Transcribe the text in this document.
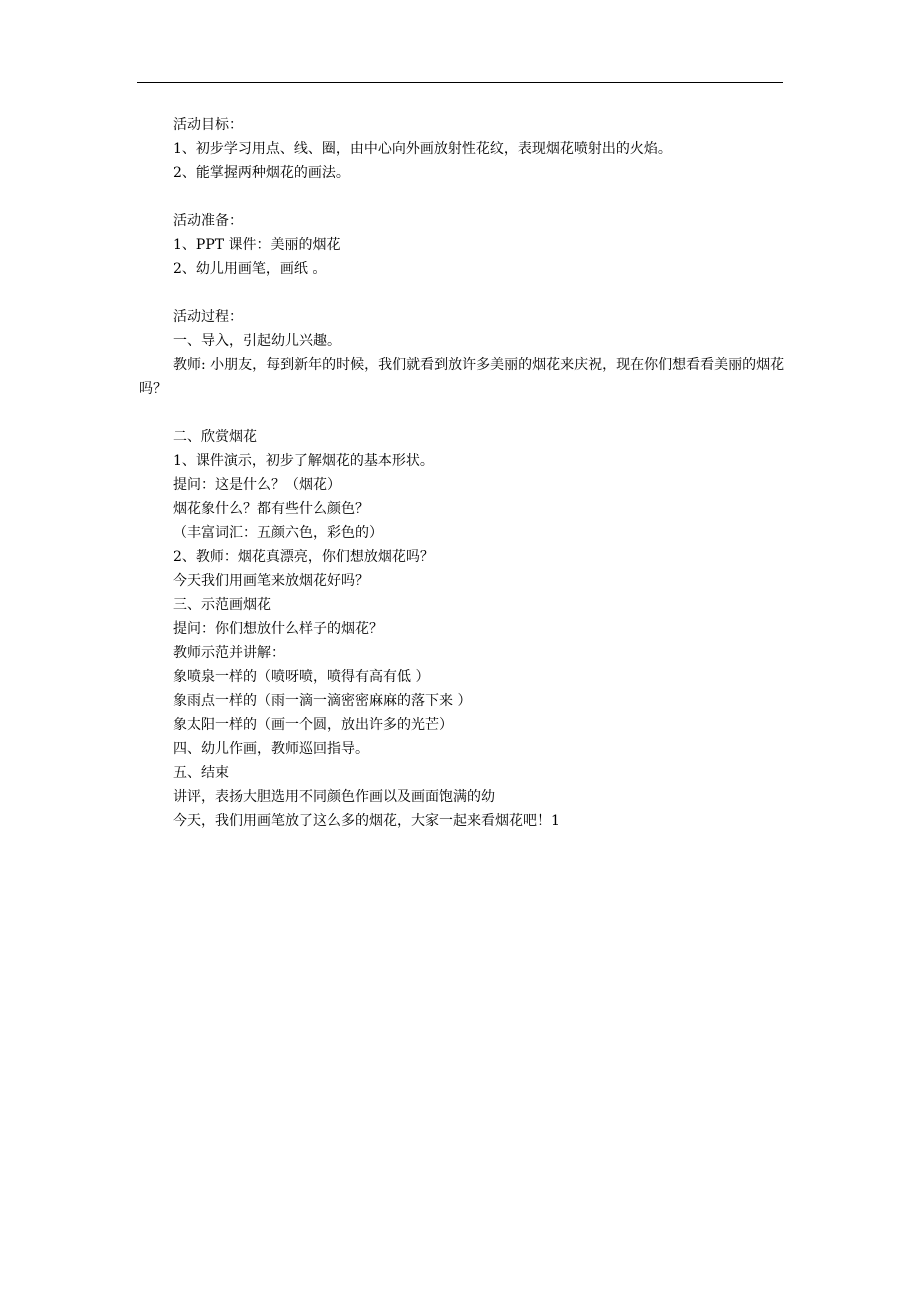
活动目标：
1、初步学习用点、线、圈，由中心向外画放射性花纹，表现烟花喷射出的火焰。
2、能掌握两种烟花的画法。
活动准备：
1、PPT 课件：美丽的烟花
2、幼儿用画笔，画纸 。
活动过程：
一、导入，引起幼儿兴趣。
教师: 小朋友，每到新年的时候，我们就看到放许多美丽的烟花来庆祝，现在你们想看看美丽的烟花吗？
二、欣赏烟花
1、课件演示，初步了解烟花的基本形状。
提问：这是什么？（烟花）
烟花象什么？都有些什么颜色？
（丰富词汇：五颜六色，彩色的）
2、教师：烟花真漂亮，你们想放烟花吗？
今天我们用画笔来放烟花好吗？
三、示范画烟花
提问：你们想放什么样子的烟花？
教师示范并讲解：
象喷泉一样的（喷呀喷，喷得有高有低 ）
象雨点一样的（雨一滴一滴密密麻麻的落下来 ）
象太阳一样的（画一个圆，放出许多的光芒）
四、幼儿作画，教师巡回指导。
五、结束
讲评，表扬大胆选用不同颜色作画以及画面饱满的幼
今天，我们用画笔放了这么多的烟花，大家一起来看烟花吧！1
